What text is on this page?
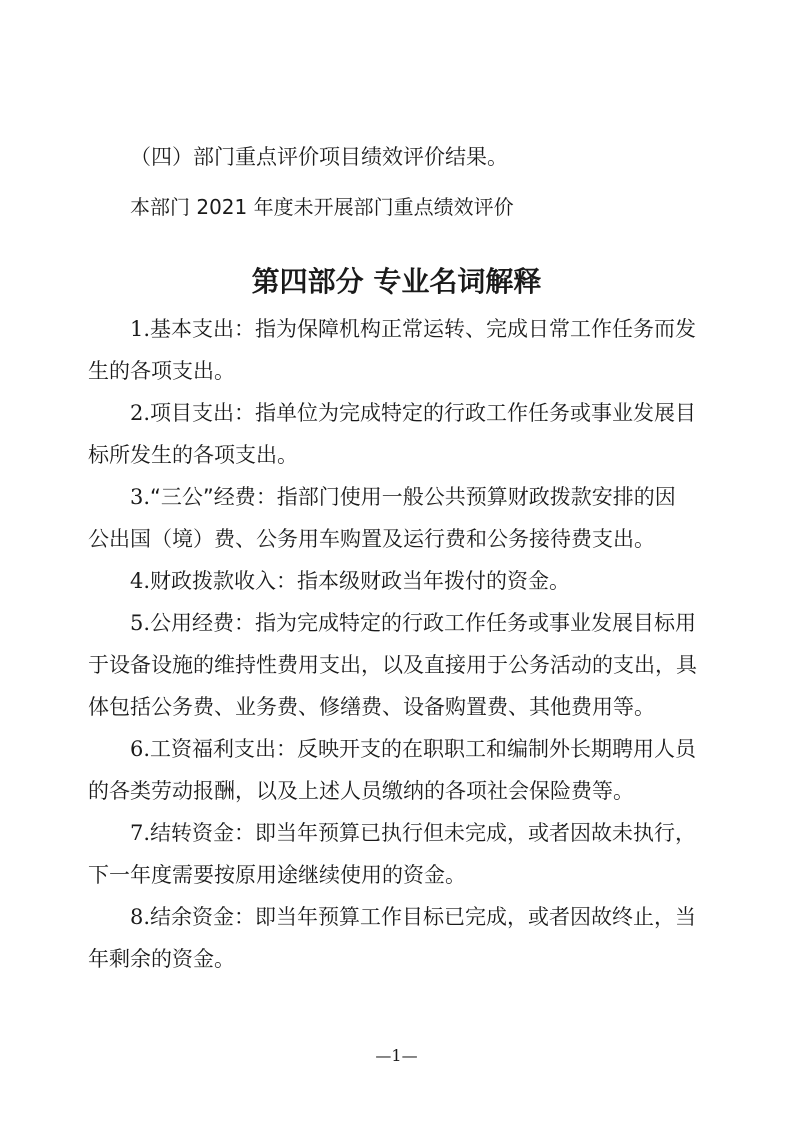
（四）部门重点评价项目绩效评价结果。
本部门 2021 年度未开展部门重点绩效评价
第四部分 专业名词解释
1.基本支出：指为保障机构正常运转、完成日常工作任务而发
生的各项支出。
2.项目支出：指单位为完成特定的行政工作任务或事业发展目
标所发生的各项支出。
3.“三公”经费：指部门使用一般公共预算财政拨款安排的因
公出国（境）费、公务用车购置及运行费和公务接待费支出。
4.财政拨款收入：指本级财政当年拨付的资金。
5.公用经费：指为完成特定的行政工作任务或事业发展目标用
于设备设施的维持性费用支出，以及直接用于公务活动的支出，具
体包括公务费、业务费、修缮费、设备购置费、其他费用等。
6.工资福利支出：反映开支的在职职工和编制外长期聘用人员
的各类劳动报酬，以及上述人员缴纳的各项社会保险费等。
7.结转资金：即当年预算已执行但未完成，或者因故未执行，
下一年度需要按原用途继续使用的资金。
8.结余资金：即当年预算工作目标已完成，或者因故终止，当
年剩余的资金。
—1—
